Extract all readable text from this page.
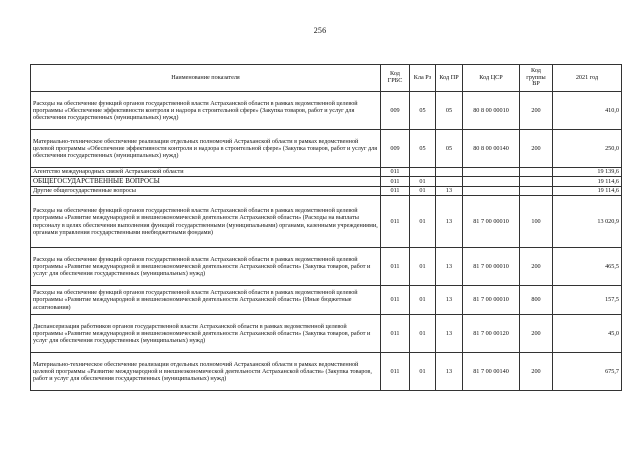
256
Наименование показателя	Код ГРБС	Кла Рз	Код ПР	Код ЦСР	Код группы ВР	2021 год
Расходы на обеспечение функций органов государственной власти Астраханской области в рамках ведомственной целевой программы «Обеспечение эффективности контроля и надзора в строительной сфере» (Закупка товаров, работ и услуг для обеспечения государственных (муниципальных) нужд)	009	05	05	80 8 00 00010	200	410,0
Материально-техническое обеспечение реализации отдельных полномочий Астраханской области в рамках ведомственной целевой программы «Обеспечение эффективности контроля и надзора в строительной сфере» (Закупка товаров, работ и услуг для обеспечения государственных (муниципальных) нужд)	009	05	05	80 8 00 00140	200	250,0
Агентство международных связей Астраханской области	011					19 139,6
ОБЩЕГОСУДАРСТВЕННЫЕ ВОПРОСЫ	011	01				19 114,6
Другие общегосударственные вопросы	011	01	13			19 114,6
Расходы на обеспечение функций органов государственной власти Астраханской области в рамках ведомственной целевой программы «Развитие международной и внешнеэкономической деятельности Астраханской области» (Расходы на выплаты персоналу в целях обеспечения выполнения функций государственными (муниципальными) органами, казенными учреждениями, органами управления государственными внебюджетными фондами)	011	01	13	81 7 00 00010	100	13 020,9
Расходы на обеспечение функций органов государственной власти Астраханской области в рамках ведомственной целевой программы «Развитие международной и внешнеэкономической деятельности Астраханской области» (Закупка товаров, работ и услуг для обеспечения государственных (муниципальных) нужд)	011	01	13	81 7 00 00010	200	465,5
Расходы на обеспечение функций органов государственной власти Астраханской области в рамках ведомственной целевой программы «Развитие международной и внешнеэкономической деятельности Астраханской области» (Иные бюджетные ассигнования)	011	01	13	81 7 00 00010	800	157,5
Диспансеризация работников органов государственной власти Астраханской области в рамках ведомственной целевой программы «Развитие международной и внешнеэкономической деятельности Астраханской области» (Закупка товаров, работ и услуг для обеспечения государственных (муниципальных) нужд)	011	01	13	81 7 00 00120	200	45,0
Материально-техническое обеспечение реализации отдельных полномочий Астраханской области в рамках ведомственной целевой программы «Развитие международной и внешнеэкономической деятельности Астраханской области» (Закупка товаров, работ и услуг для обеспечения государственных (муниципальных) нужд)	011	01	13	81 7 00 00140	200	675,7
